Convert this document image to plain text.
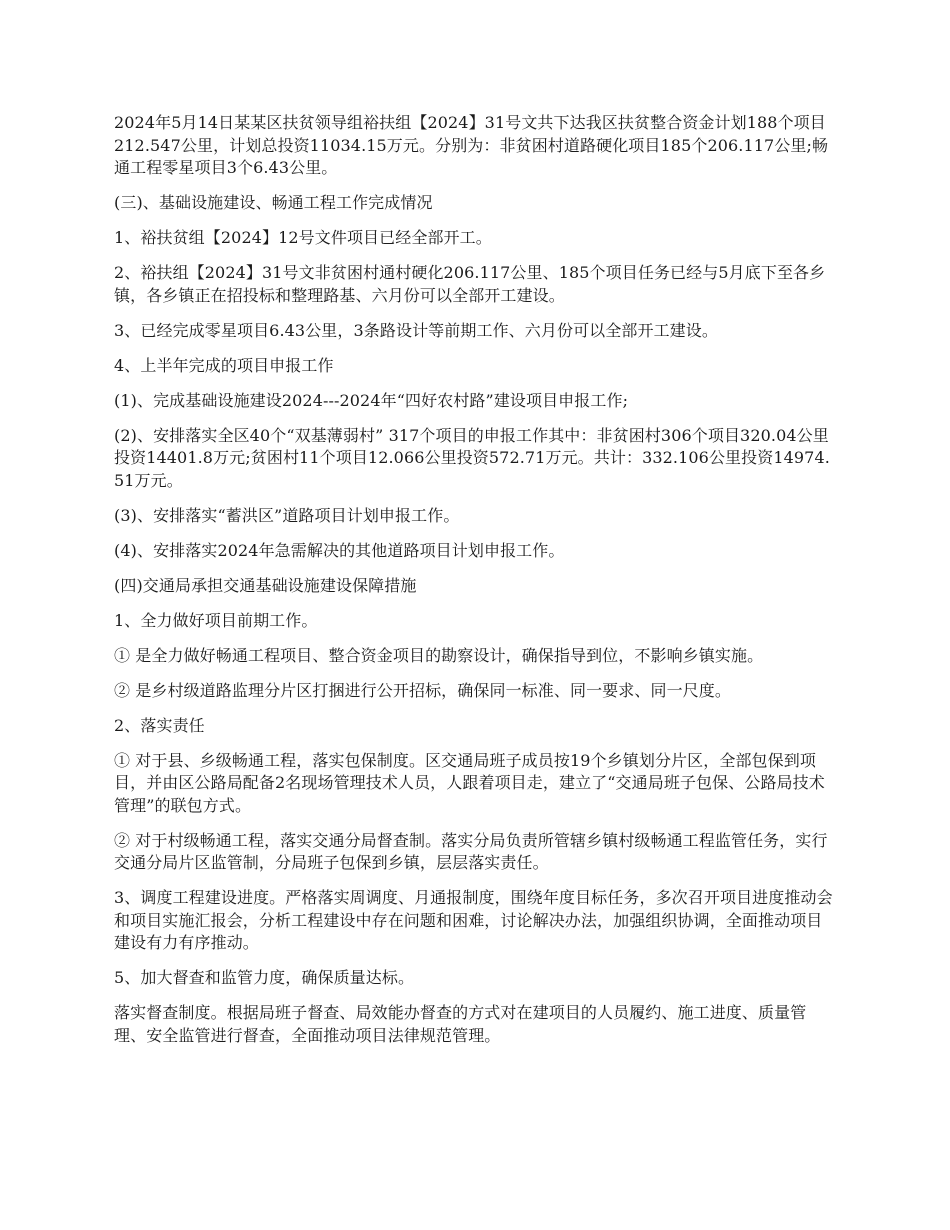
2024年5月14日某某区扶贫领导组裕扶组【2024】31号文共下达我区扶贫整合资金计划188个项目212.547公里，计划总投资11034.15万元。分别为：非贫困村道路硬化项目185个206.117公里;畅通工程零星项目3个6.43公里。

(三)、基础设施建设、畅通工程工作完成情况

1、裕扶贫组【2024】12号文件项目已经全部开工。

2、裕扶组【2024】31号文非贫困村通村硬化206.117公里、185个项目任务已经与5月底下至各乡镇，各乡镇正在招投标和整理路基、六月份可以全部开工建设。

3、已经完成零星项目6.43公里，3条路设计等前期工作、六月份可以全部开工建设。

4、上半年完成的项目申报工作

(1)、完成基础设施建设2024---2024年“四好农村路”建设项目申报工作;

(2)、安排落实全区40个“双基薄弱村” 317个项目的申报工作其中：非贫困村306个项目320.04公里投资14401.8万元;贫困村11个项目12.066公里投资572.71万元。共计：332.106公里投资14974.51万元。

(3)、安排落实“蓄洪区”道路项目计划申报工作。

(4)、安排落实2024年急需解决的其他道路项目计划申报工作。

(四)交通局承担交通基础设施建设保障措施

1、全力做好项目前期工作。

① 是全力做好畅通工程项目、整合资金项目的勘察设计，确保指导到位，不影响乡镇实施。

② 是乡村级道路监理分片区打捆进行公开招标，确保同一标准、同一要求、同一尺度。

2、落实责任

① 对于县、乡级畅通工程，落实包保制度。区交通局班子成员按19个乡镇划分片区，全部包保到项目，并由区公路局配备2名现场管理技术人员，人跟着项目走，建立了“交通局班子包保、公路局技术管理”的联包方式。

② 对于村级畅通工程，落实交通分局督查制。落实分局负责所管辖乡镇村级畅通工程监管任务，实行交通分局片区监管制，分局班子包保到乡镇，层层落实责任。

3、调度工程建设进度。严格落实周调度、月通报制度，围绕年度目标任务，多次召开项目进度推动会和项目实施汇报会，分析工程建设中存在问题和困难，讨论解决办法，加强组织协调，全面推动项目建设有力有序推动。

5、加大督查和监管力度，确保质量达标。

落实督查制度。根据局班子督查、局效能办督查的方式对在建项目的人员履约、施工进度、质量管理、安全监管进行督查，全面推动项目法律规范管理。
